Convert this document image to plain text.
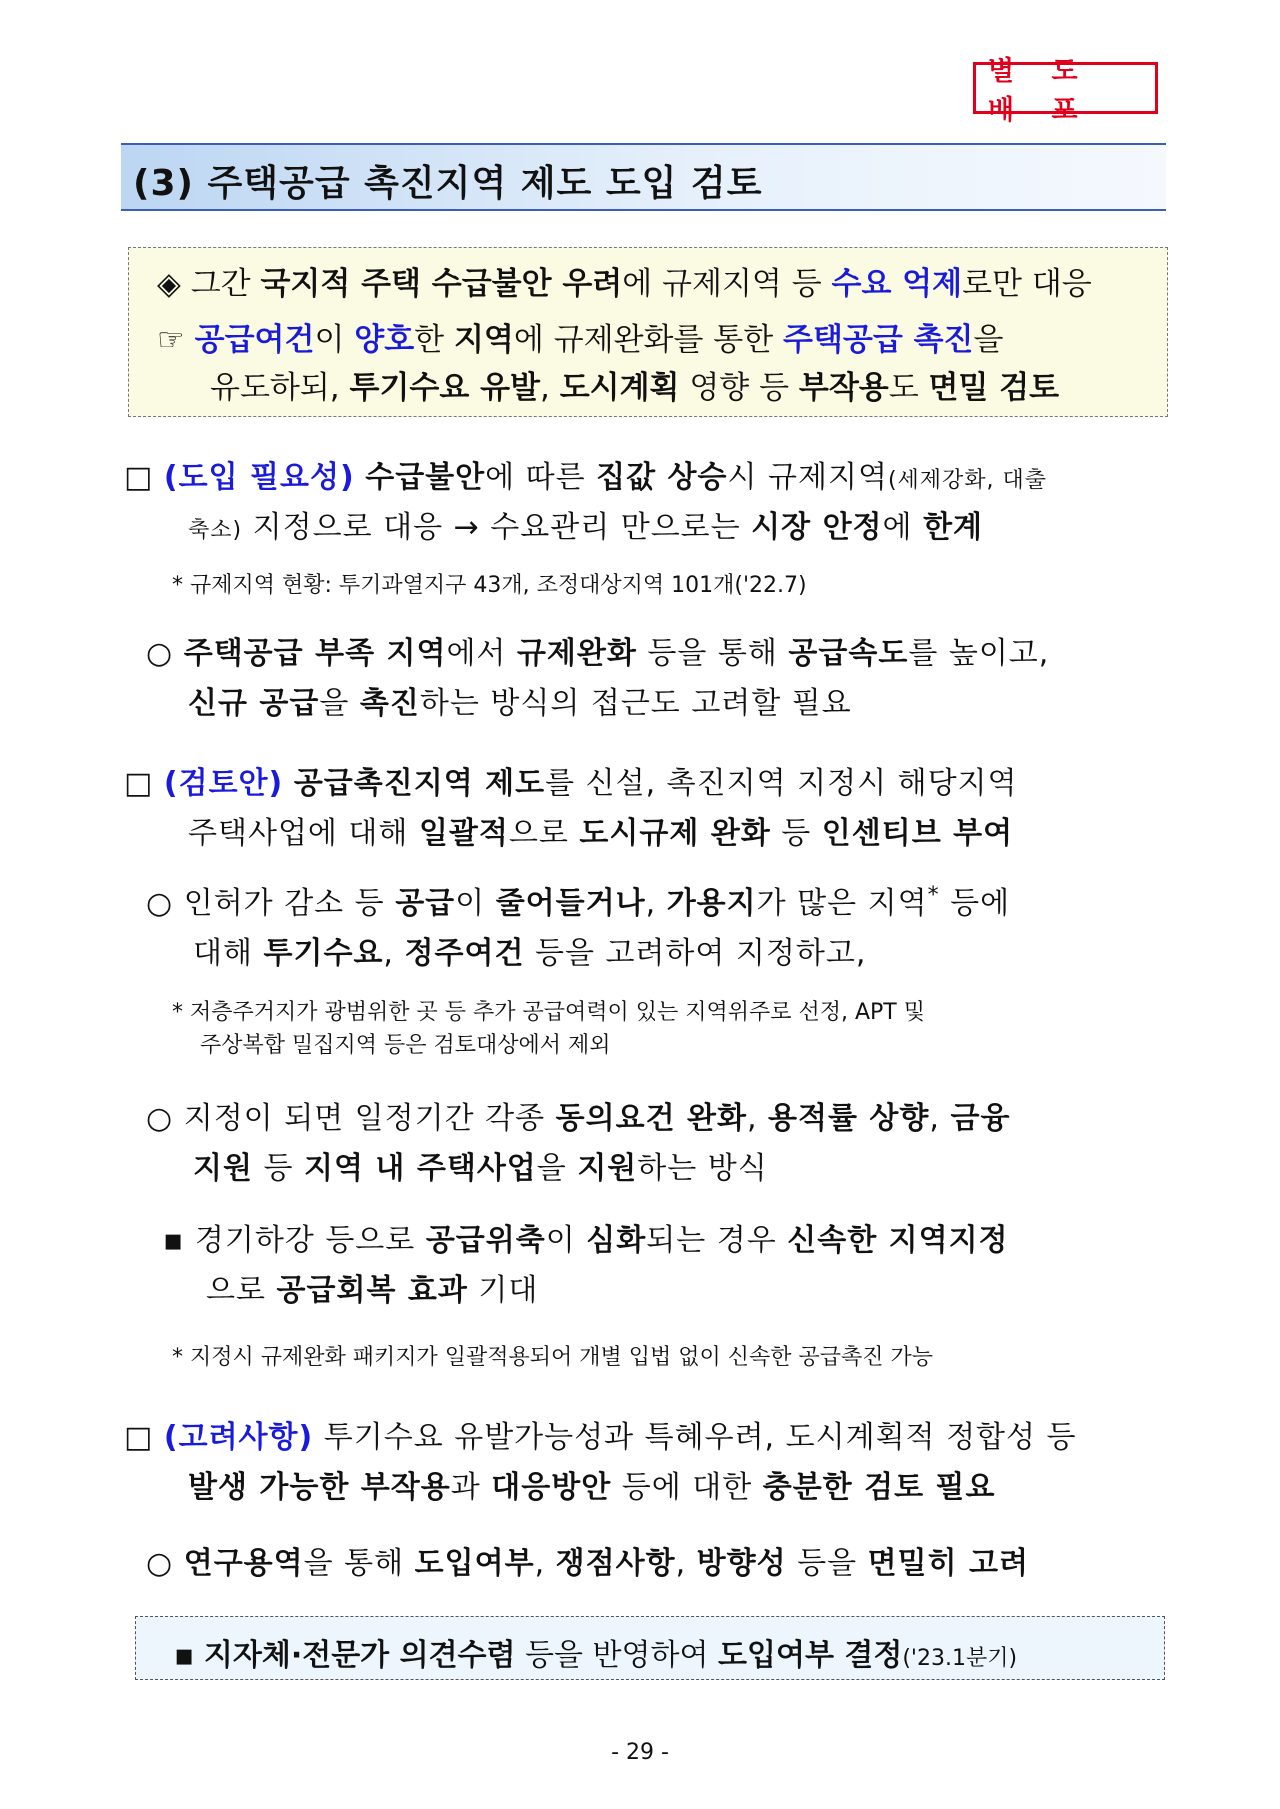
별 도 배 포
(3) 주택공급 촉진지역 제도 도입 검토
◈ 그간 국지적 주택 수급불안 우려에 규제지역 등 수요 억제로만 대응
☞ 공급여건이 양호한 지역에 규제완화를 통한 주택공급 촉진을
유도하되, 투기수요 유발, 도시계획 영향 등 부작용도 면밀 검토
□ (도입 필요성) 수급불안에 따른 집값 상승시 규제지역(세제강화, 대출
축소) 지정으로 대응 → 수요관리 만으로는 시장 안정에 한계
* 규제지역 현황: 투기과열지구 43개, 조정대상지역 101개('22.7)
○ 주택공급 부족 지역에서 규제완화 등을 통해 공급속도를 높이고,
신규 공급을 촉진하는 방식의 접근도 고려할 필요
□ (검토안) 공급촉진지역 제도를 신설, 촉진지역 지정시 해당지역
주택사업에 대해 일괄적으로 도시규제 완화 등 인센티브 부여
○ 인허가 감소 등 공급이 줄어들거나, 가용지가 많은 지역* 등에
대해 투기수요, 정주여건 등을 고려하여 지정하고,
* 저층주거지가 광범위한 곳 등 추가 공급여력이 있는 지역위주로 선정, APT 및
주상복합 밀집지역 등은 검토대상에서 제외
○ 지정이 되면 일정기간 각종 동의요건 완화, 용적률 상향, 금융
지원 등 지역 내 주택사업을 지원하는 방식
▪ 경기하강 등으로 공급위축이 심화되는 경우 신속한 지역지정
으로 공급회복 효과 기대
* 지정시 규제완화 패키지가 일괄적용되어 개별 입법 없이 신속한 공급촉진 가능
□ (고려사항) 투기수요 유발가능성과 특혜우려, 도시계획적 정합성 등
발생 가능한 부작용과 대응방안 등에 대한 충분한 검토 필요
○ 연구용역을 통해 도입여부, 쟁점사항, 방향성 등을 면밀히 고려
▪ 지자체·전문가 의견수렴 등을 반영하여 도입여부 결정('23.1분기)
- 29 -
